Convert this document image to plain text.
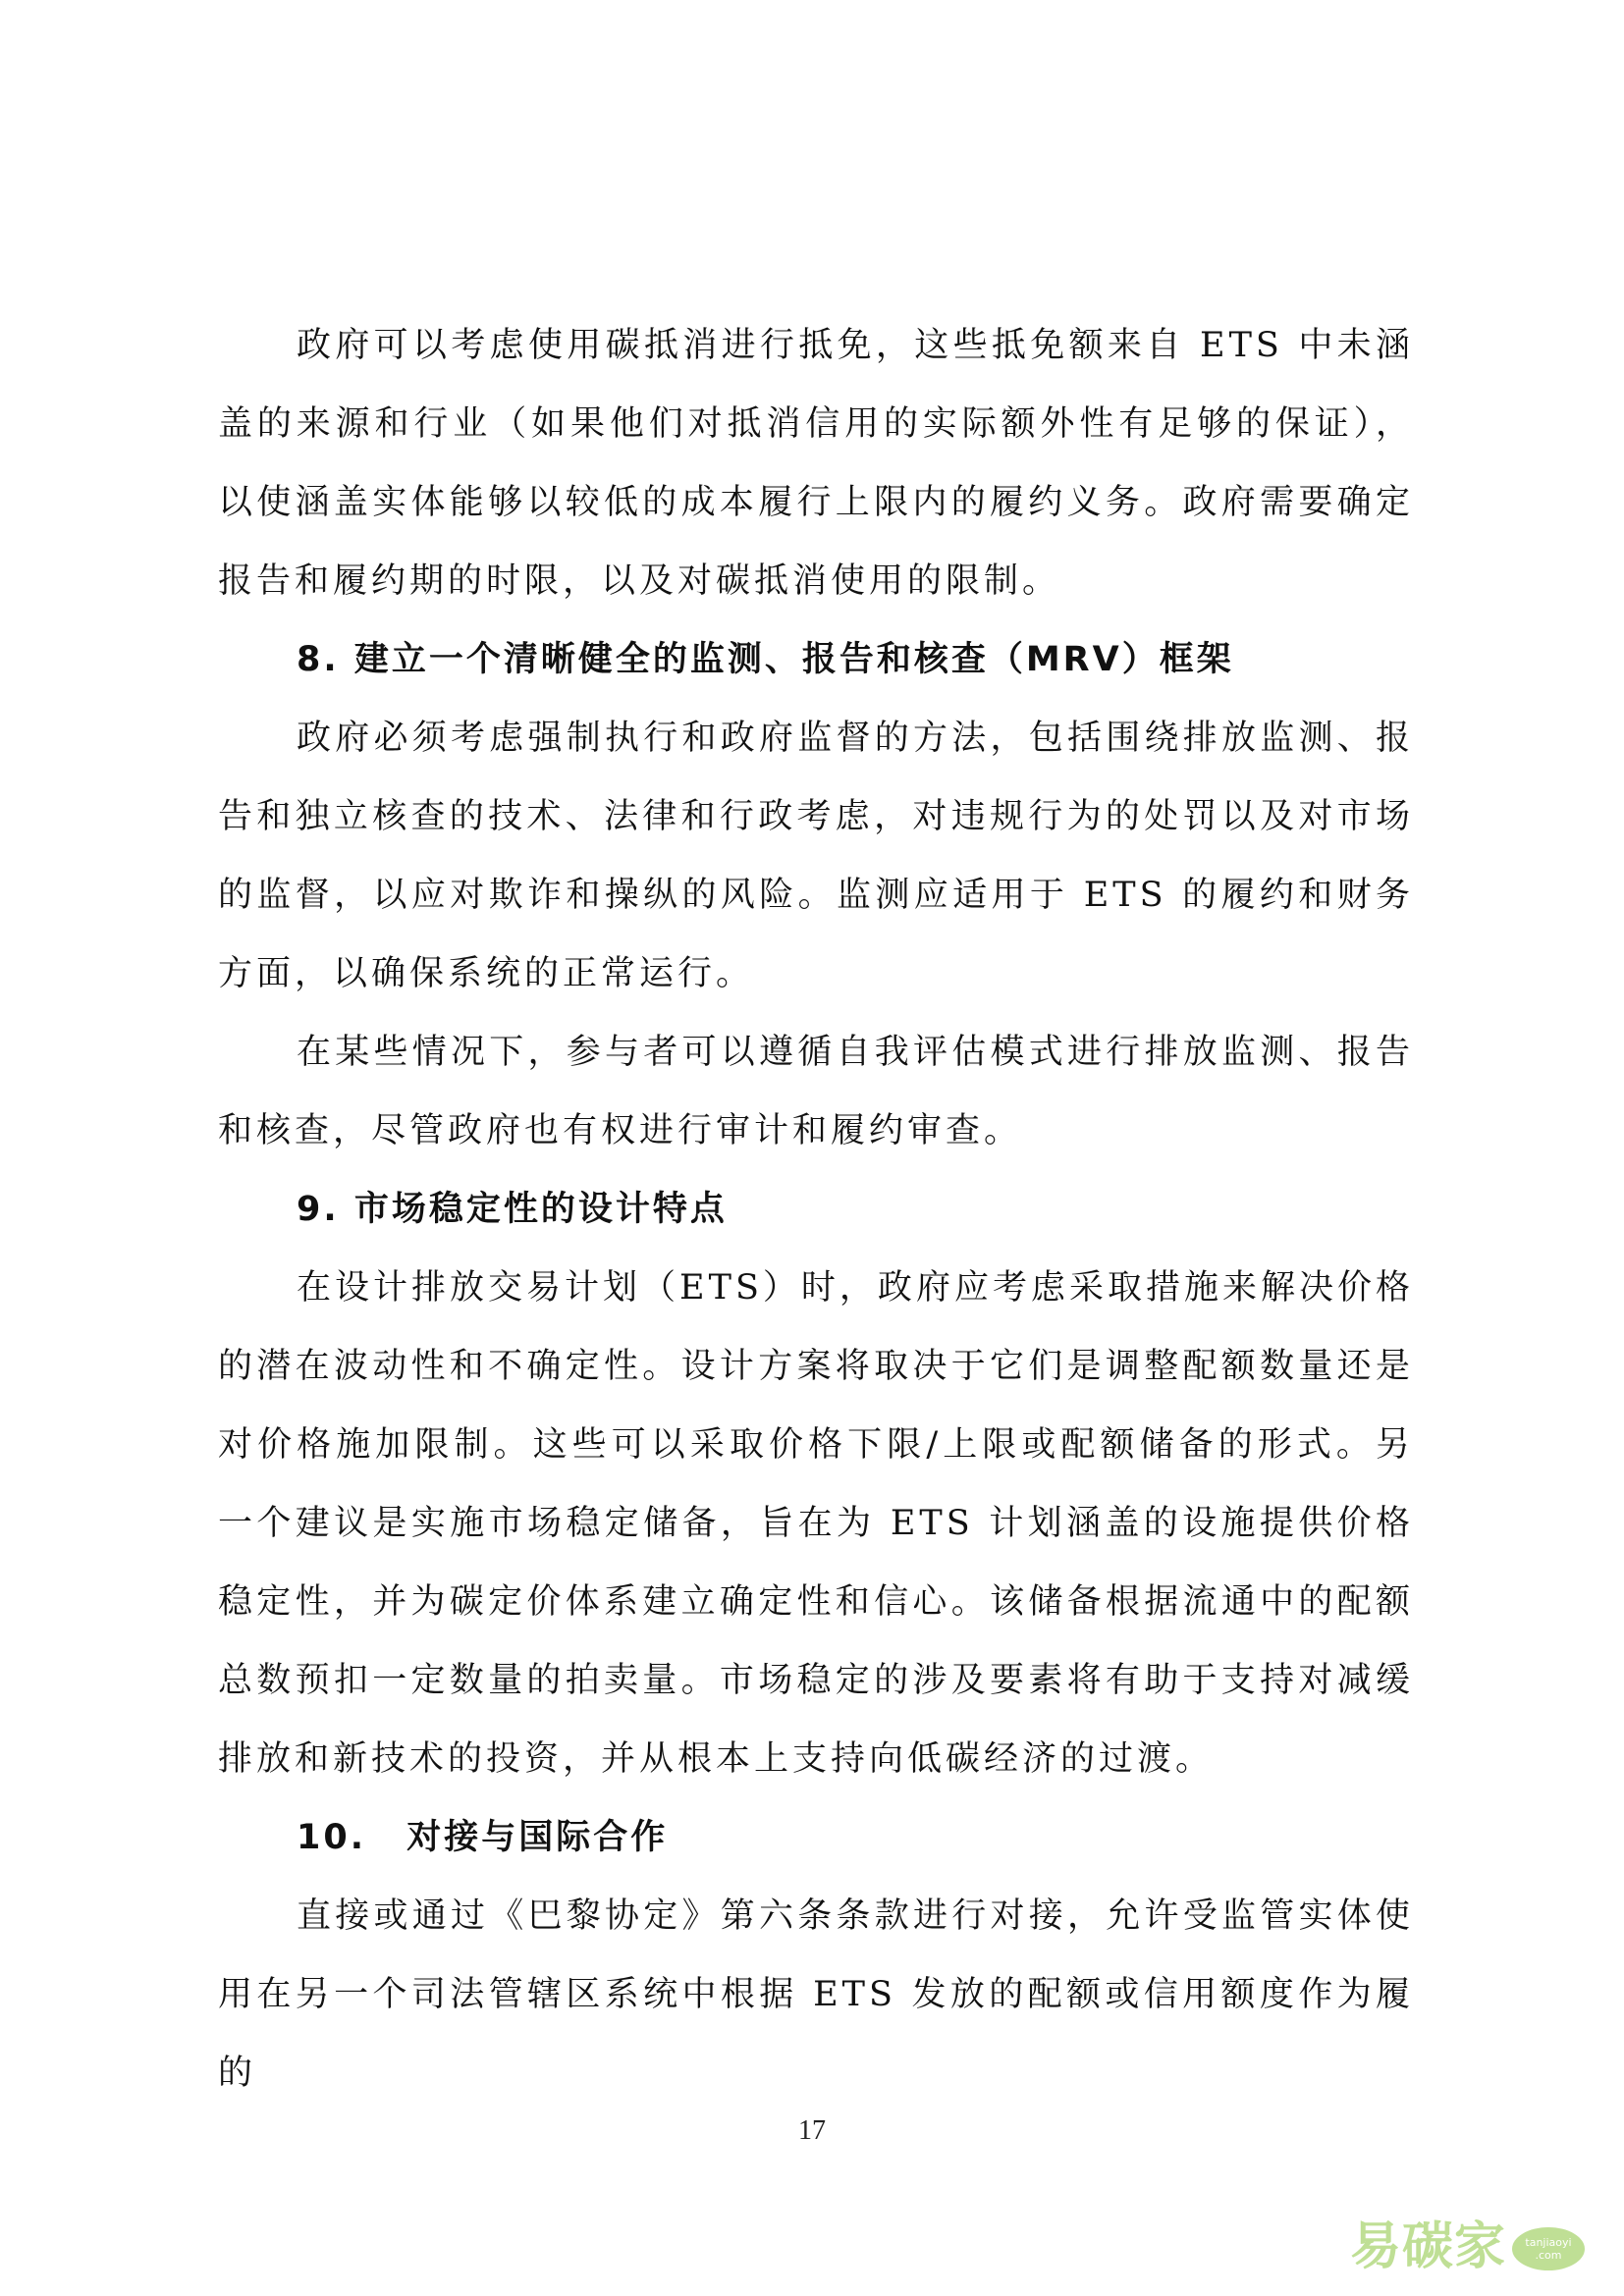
政府可以考虑使用碳抵消进行抵免，这些抵免额来自 ETS 中未涵盖的来源和行业（如果他们对抵消信用的实际额外性有足够的保证），以使涵盖实体能够以较低的成本履行上限内的履约义务。政府需要确定报告和履约期的时限，以及对碳抵消使用的限制。

8. 建立一个清晰健全的监测、报告和核查（MRV）框架

政府必须考虑强制执行和政府监督的方法，包括围绕排放监测、报告和独立核查的技术、法律和行政考虑，对违规行为的处罚以及对市场的监督，以应对欺诈和操纵的风险。监测应适用于 ETS 的履约和财务方面，以确保系统的正常运行。

在某些情况下，参与者可以遵循自我评估模式进行排放监测、报告和核查，尽管政府也有权进行审计和履约审查。

9. 市场稳定性的设计特点

在设计排放交易计划（ETS）时，政府应考虑采取措施来解决价格的潜在波动性和不确定性。设计方案将取决于它们是调整配额数量还是对价格施加限制。这些可以采取价格下限/上限或配额储备的形式。另一个建议是实施市场稳定储备，旨在为 ETS 计划涵盖的设施提供价格稳定性，并为碳定价体系建立确定性和信心。该储备根据流通中的配额总数预扣一定数量的拍卖量。市场稳定的涉及要素将有助于支持对减缓排放和新技术的投资，并从根本上支持向低碳经济的过渡。

10. 对接与国际合作

直接或通过《巴黎协定》第六条条款进行对接，允许受监管实体使用在另一个司法管辖区系统中根据 ETS 发放的配额或信用额度作为履的

17
易碳家 tanjiaoyi
.com
